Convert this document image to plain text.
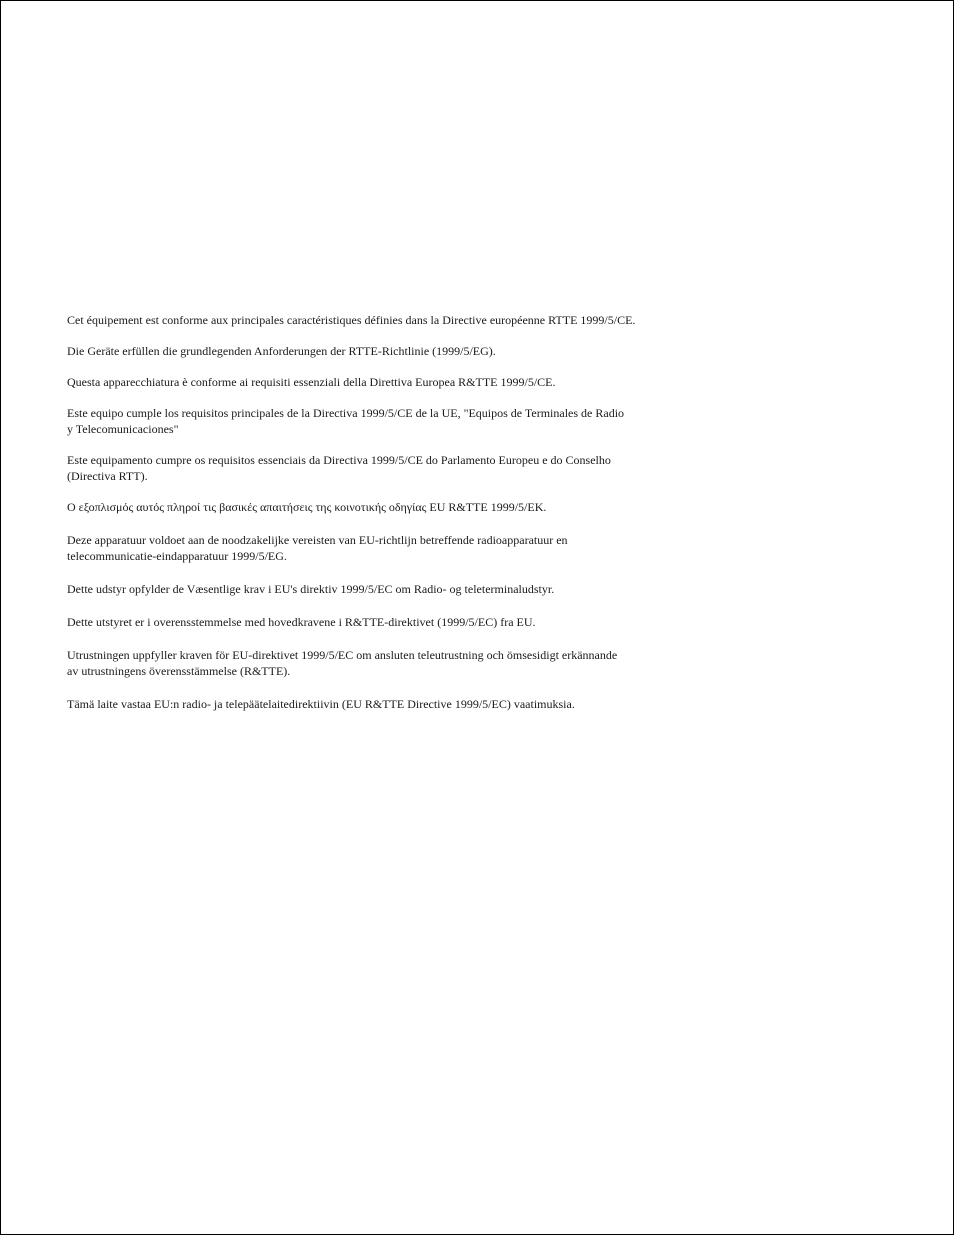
Cet équipement est conforme aux principales caractéristiques définies dans la Directive européenne RTTE 1999/5/CE.

Die Geräte erfüllen die grundlegenden Anforderungen der RTTE-Richtlinie (1999/5/EG).

Questa apparecchiatura è conforme ai requisiti essenziali della Direttiva Europea R&TTE 1999/5/CE.

Este equipo cumple los requisitos principales de la Directiva 1999/5/CE de la UE, "Equipos de Terminales de Radio
y Telecomunicaciones"

Este equipamento cumpre os requisitos essenciais da Directiva 1999/5/CE do Parlamento Europeu e do Conselho
(Directiva RTT).

Ο εξοπλισμός αυτός πληροί τις βασικές απαιτήσεις της κοινοτικής οδηγίας EU R&TTE 1999/5/EK.

Deze apparatuur voldoet aan de noodzakelijke vereisten van EU-richtlijn betreffende radioapparatuur en
telecommunicatie-eindapparatuur 1999/5/EG.

Dette udstyr opfylder de Væsentlige krav i EU's direktiv 1999/5/EC om Radio- og teleterminaludstyr.

Dette utstyret er i overensstemmelse med hovedkravene i R&TTE-direktivet (1999/5/EC) fra EU.

Utrustningen uppfyller kraven för EU-direktivet 1999/5/EC om ansluten teleutrustning och ömsesidigt erkännande
av utrustningens överensstämmelse (R&TTE).

Tämä laite vastaa EU:n radio- ja telepäätelaitedirektiivin (EU R&TTE Directive 1999/5/EC) vaatimuksia.
